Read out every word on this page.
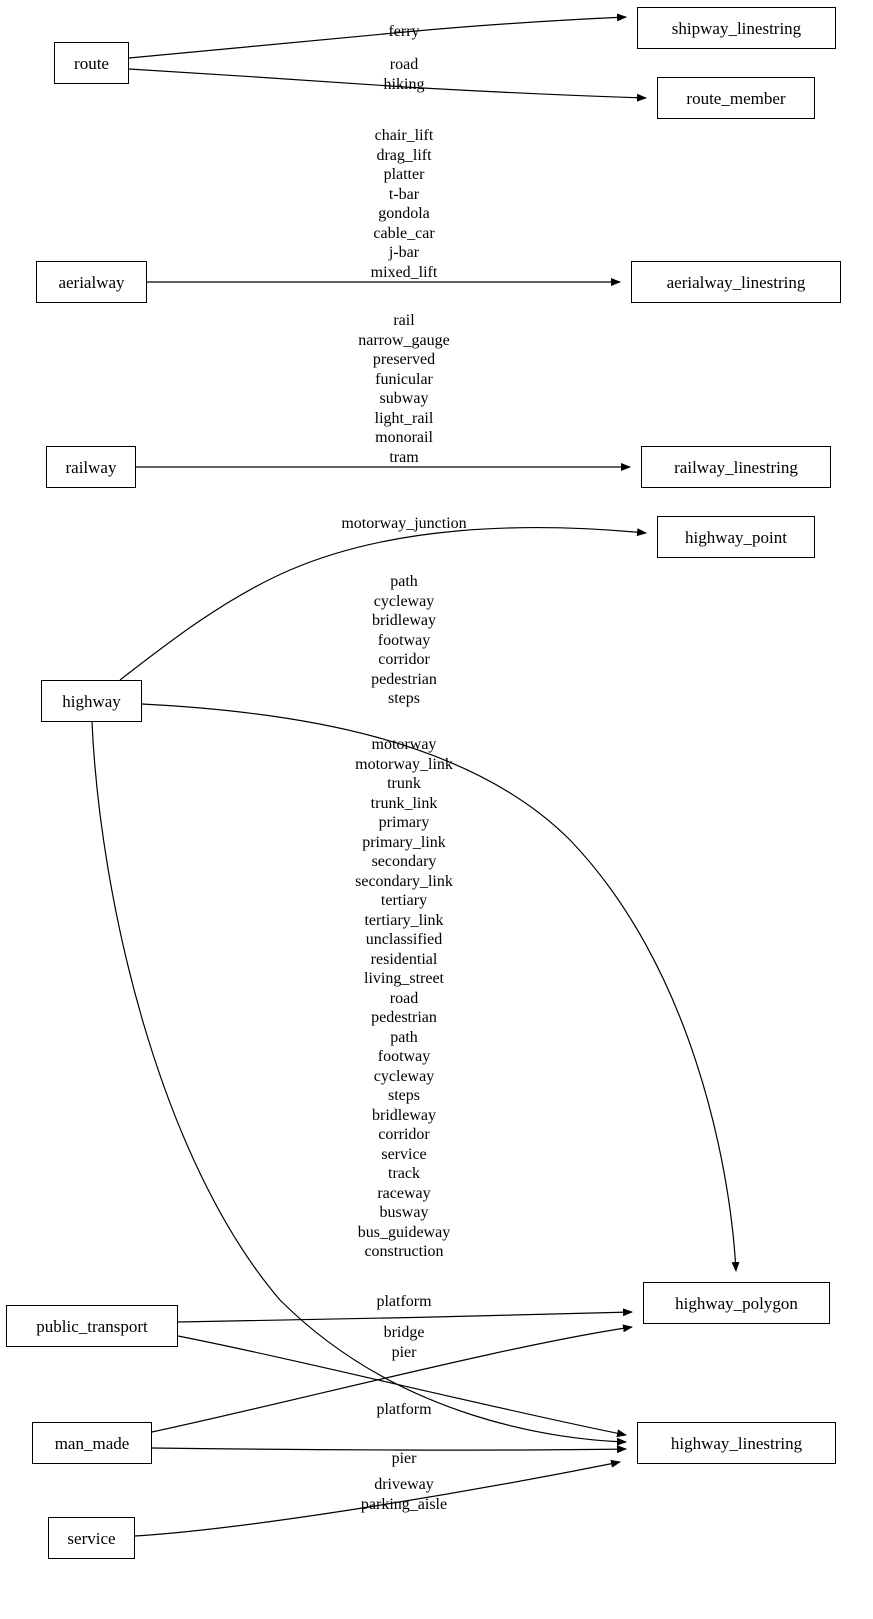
route
shipway_linestring
route_member
aerialway	aerialway_linestring
railway	railway_linestring
highway_point
highway
highway_polygon
public_transport
highway_linestring
man_made
service
ferry
road
hiking
chair_lift
drag_lift
platter
t-bar
gondola
cable_car
j-bar
mixed_lift
rail
narrow_gauge
preserved
funicular
subway
light_rail
monorail
tram
motorway_junction
path
cycleway
bridleway
footway
corridor
pedestrian
steps
motorway
motorway_link
trunk
trunk_link
primary
primary_link
secondary
secondary_link
tertiary
tertiary_link
unclassified
residential
living_street
road
pedestrian
path
footway
cycleway
steps
bridleway
corridor
service
track
raceway
busway
bus_guideway
construction
platform
bridge
pier
platform
pier
driveway
parking_aisle
